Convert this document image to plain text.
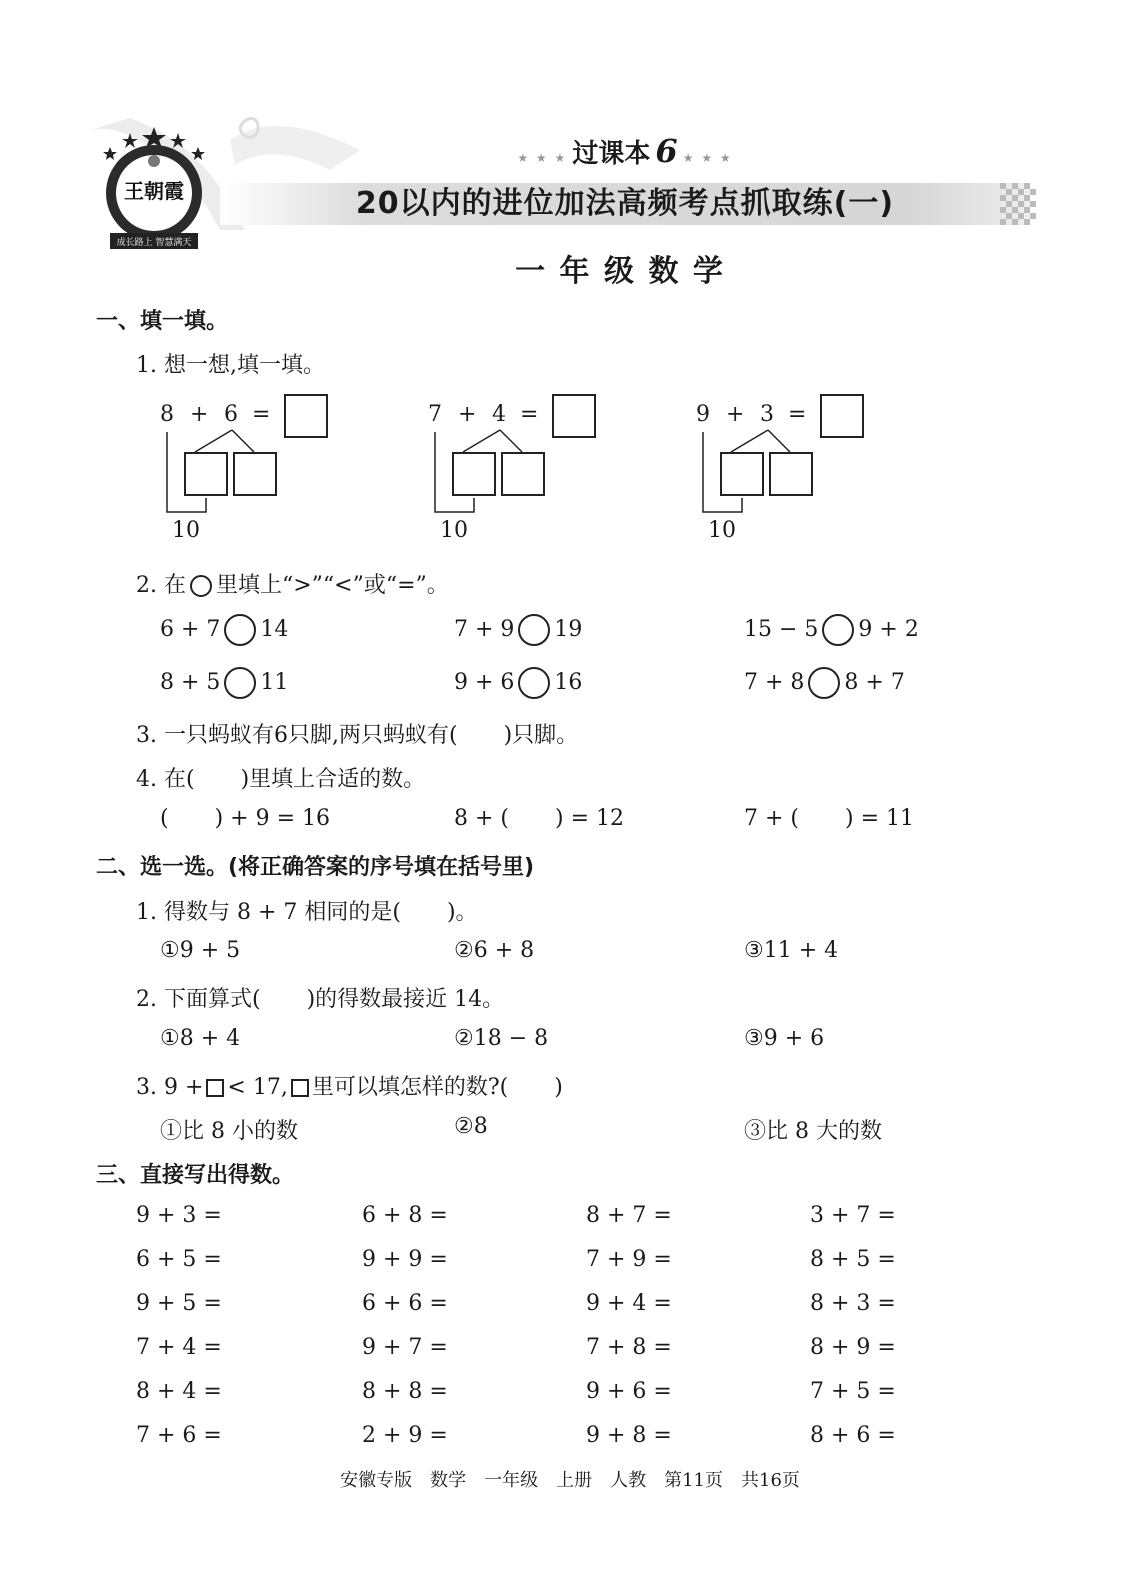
王朝霞
成长路上 智慧满天
★ ★ ★ 过课本 6 ★ ★ ★
20以内的进位加法高频考点抓取练(一)
一 年 级 数 学
一、填一填。
1. 想一想,填一填。
8 + 6 =
10
7 + 4 =
10
9 + 3 =
10
2. 在 里填上“>”“<”或“=”。
6 + 7 14	7 + 9 19	15 − 5 9 + 2
8 + 5 11	9 + 6 16	7 + 8 8 + 7
3. 一只蚂蚁有6只脚,两只蚂蚁有( )只脚。
4. 在( )里填上合适的数。
( ) + 9 = 16	8 + ( ) = 12	7 + ( ) = 11
二、选一选。(将正确答案的序号填在括号里)
1. 得数与 8 + 7 相同的是( )。
①9 + 5	②6 + 8	③11 + 4
2. 下面算式( )的得数最接近 14。
①8 + 4	②18 − 8	③9 + 6
3. 9 + < 17, 里可以填怎样的数?( )
①比 8 小的数	②8	③比 8 大的数
三、直接写出得数。
9 + 3 =	6 + 8 =	8 + 7 =	3 + 7 =
6 + 5 =	9 + 9 =	7 + 9 =	8 + 5 =
9 + 5 =	6 + 6 =	9 + 4 =	8 + 3 =
7 + 4 =	9 + 7 =	7 + 8 =	8 + 9 =
8 + 4 =	8 + 8 =	9 + 6 =	7 + 5 =
7 + 6 =	2 + 9 =	9 + 8 =	8 + 6 =
安徽专版　数学　一年级　上册　人教　第11页　共16页
